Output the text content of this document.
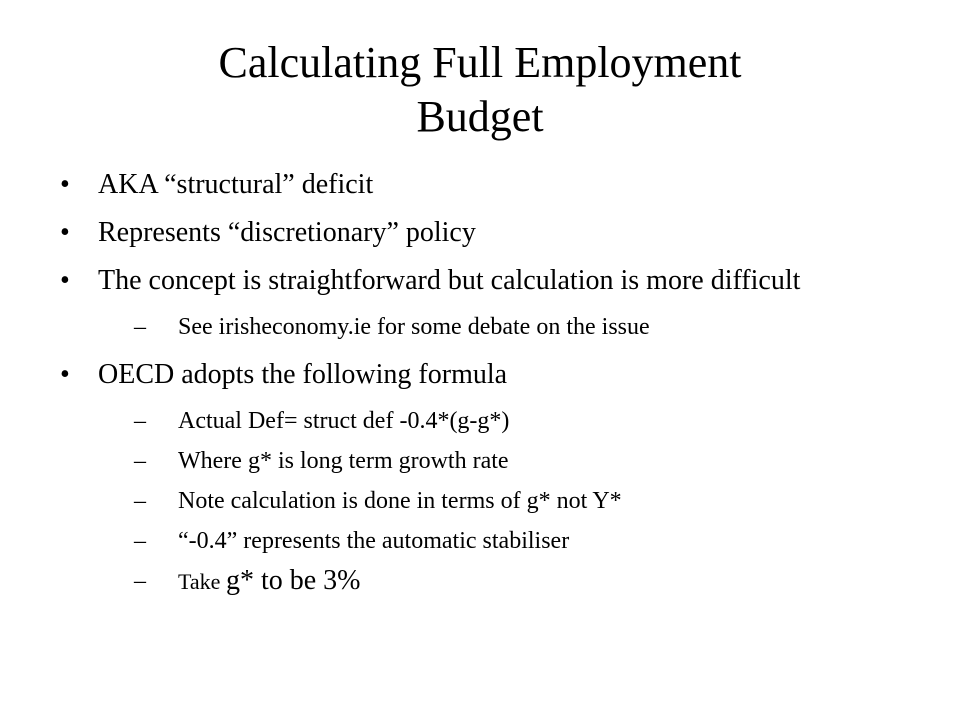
Calculating Full Employment
Budget
• AKA “structural” deficit
• Represents “discretionary” policy
• The concept is straightforward but calculation is more difficult
– See irisheconomy.ie for some debate on the issue
• OECD adopts the following formula
– Actual Def= struct def -0.4*(g-g*)
– Where g* is long term growth rate
– Note calculation is done in terms of g* not Y*
– “-0.4” represents the automatic stabiliser
– Take g* to be 3%
